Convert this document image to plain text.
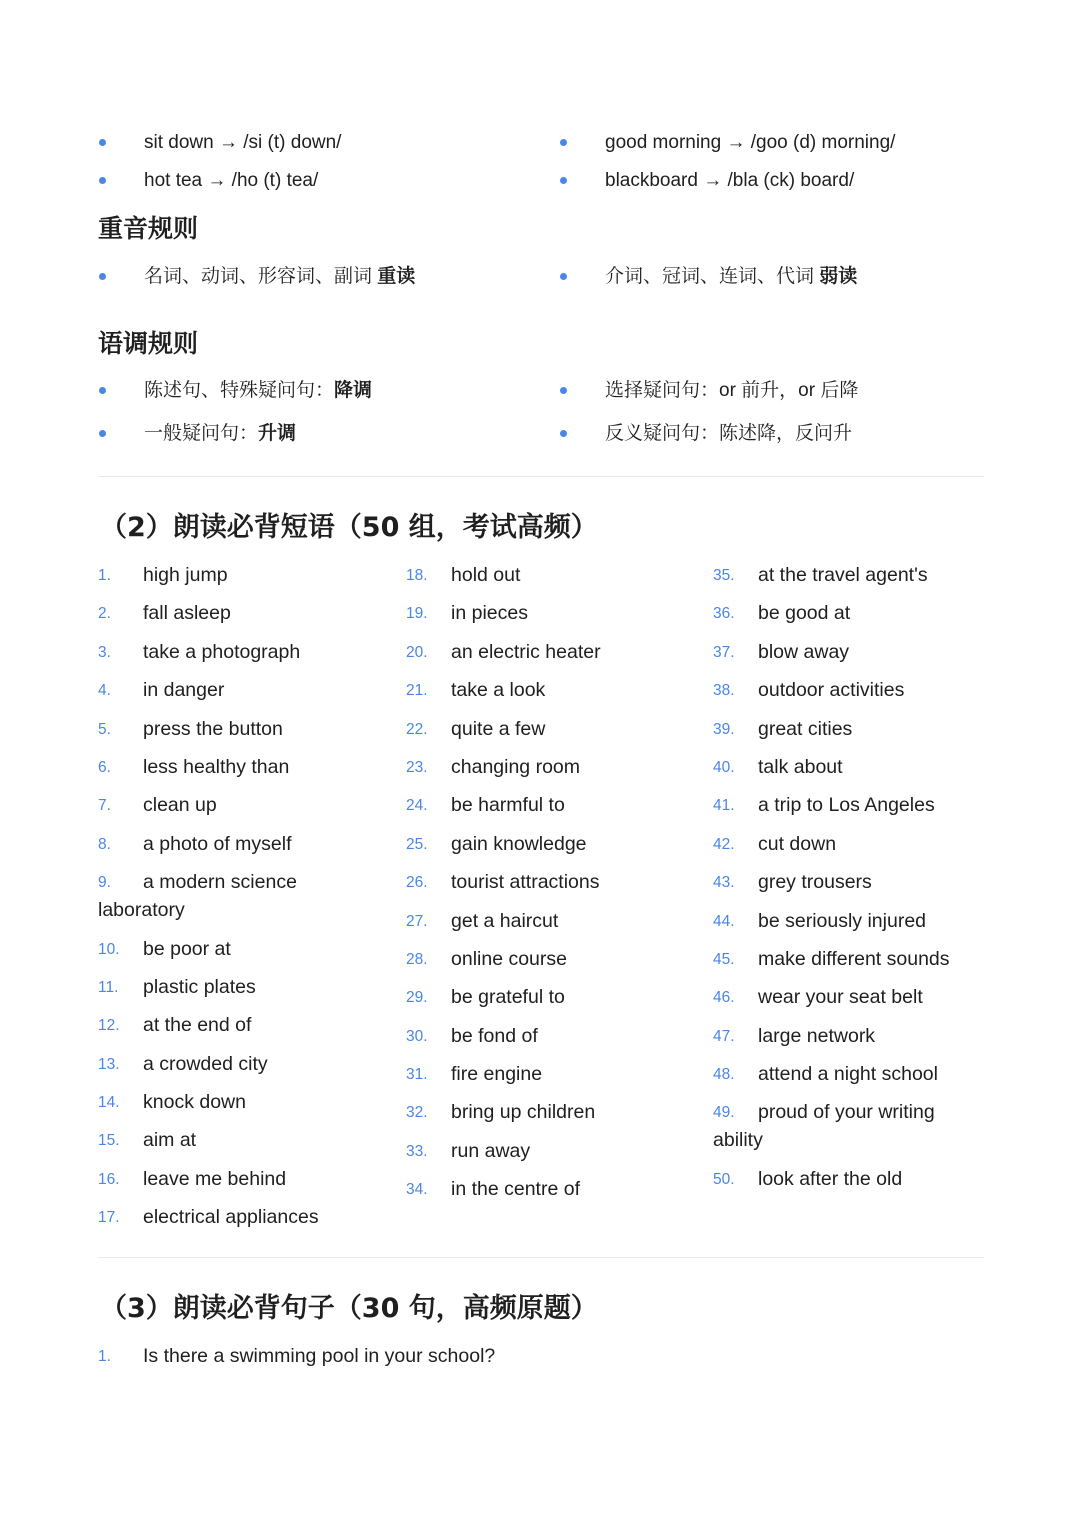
sit down → /si (t) down/
hot tea → /ho (t) tea/
good morning → /goo (d) morning/
blackboard → /bla (ck) board/
重音规则
名词、动词、形容词、副词 重读	介词、冠词、连词、代词 弱读
语调规则
陈述句、特殊疑问句：降调	选择疑问句：or 前升，or 后降
一般疑问句：升调	反义疑问句：陈述降，反问升
（2）朗读必背短语（50 组，考试高频）
1. high jump
2. fall asleep
3. take a photograph
4. in danger
5. press the button
6. less healthy than
7. clean up
8. a photo of myself
9. a modern science laboratory
10. be poor at
11. plastic plates
12. at the end of
13. a crowded city
14. knock down
15. aim at
16. leave me behind
17. electrical appliances
18. hold out
19. in pieces
20. an electric heater
21. take a look
22. quite a few
23. changing room
24. be harmful to
25. gain knowledge
26. tourist attractions
27. get a haircut
28. online course
29. be grateful to
30. be fond of
31. fire engine
32. bring up children
33. run away
34. in the centre of
35. at the travel agent's
36. be good at
37. blow away
38. outdoor activities
39. great cities
40. talk about
41. a trip to Los Angeles
42. cut down
43. grey trousers
44. be seriously injured
45. make different sounds
46. wear your seat belt
47. large network
48. attend a night school
49. proud of your writing ability
50. look after the old
（3）朗读必背句子（30 句，高频原题）
1. Is there a swimming pool in your school?
